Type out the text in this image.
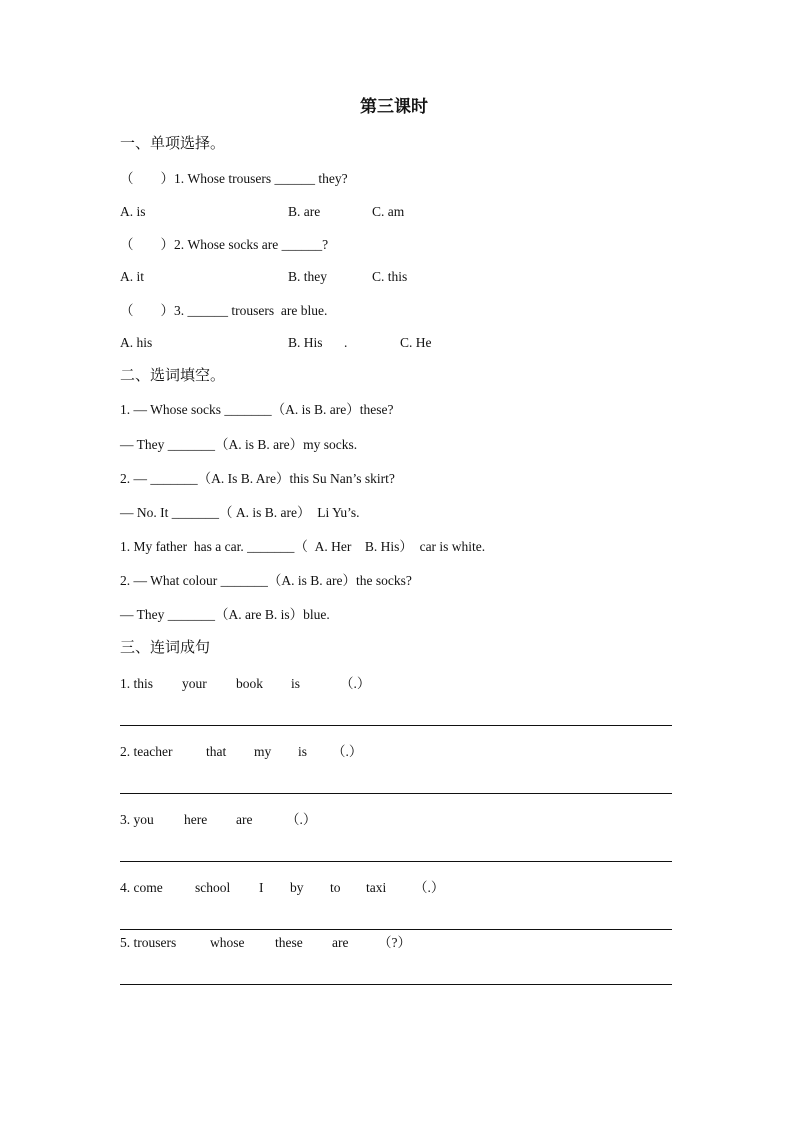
第三课时
一、单项选择。
（　　）1. Whose trousers ______ they?
A. is	B. are	C. am
（　　）2. Whose socks are ______?
A. it	B. they	C. this
（　　）3. ______ trousers  are blue.
A. his	B. His .	C. He
二、选词填空。
1. — Whose socks _______（A. is B. are）these?
— They _______（A. is B. are）my socks.
2. — _______（A. Is B. Are）this Su Nan’s skirt?
— No. It _______（ A. is B. are）  Li Yu’s.
1. My father  has a car. _______（  A. Her    B. His）  car is white.
2. — What colour _______（A. is B. are）the socks?
— They _______（A. are B. is）blue.
三、连词成句
1. this your book is	（.）
2. teacher that my is （.）
3. you here are （.）
4. come school I by to taxi （.）
5. trousers	whose these are （?）
